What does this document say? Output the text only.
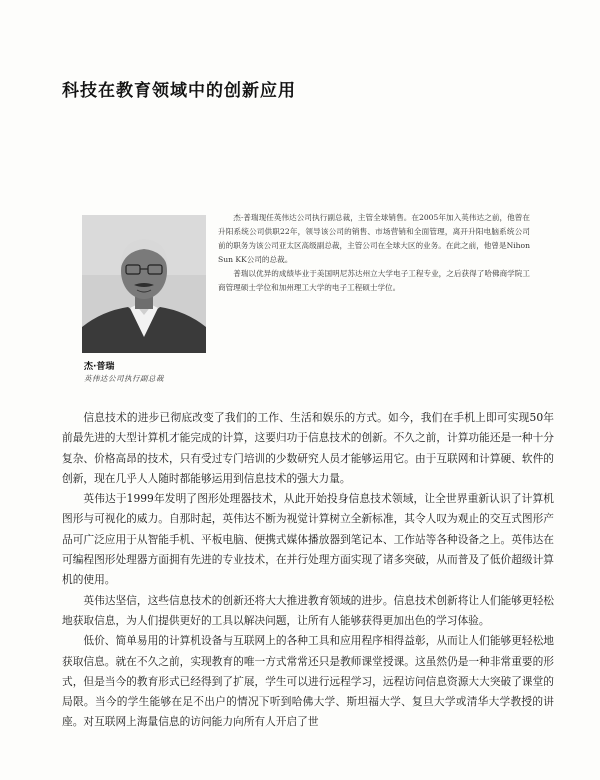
科技在教育领域中的创新应用
杰·普瑞
英伟达公司执行副总裁

杰·普瑞现任英伟达公司执行副总裁，主管全球销售。在2005年加入英伟达之前，他曾在升阳系统公司供职22年，领导该公司的销售、市场营销和全面管理，离开升阳电脑系统公司前的职务为该公司亚太区高级副总裁，主管公司在全球大区的业务。在此之前，他曾是Nihon Sun KK公司的总裁。

普瑞以优异的成绩毕业于美国明尼苏达州立大学电子工程专业，之后获得了哈佛商学院工商管理硕士学位和加州理工大学的电子工程硕士学位。

信息技术的进步已彻底改变了我们的工作、生活和娱乐的方式。如今，我们在手机上即可实现50年前最先进的大型计算机才能完成的计算，这要归功于信息技术的创新。不久之前，计算功能还是一种十分复杂、价格高昂的技术，只有受过专门培训的少数研究人员才能够运用它。由于互联网和计算硬、软件的创新，现在几乎人人随时都能够运用到信息技术的强大力量。

英伟达于1999年发明了图形处理器技术，从此开始投身信息技术领域，让全世界重新认识了计算机图形与可视化的威力。自那时起，英伟达不断为视觉计算树立全新标准，其令人叹为观止的交互式图形产品可广泛应用于从智能手机、平板电脑、便携式媒体播放器到笔记本、工作站等各种设备之上。英伟达在可编程图形处理器方面拥有先进的专业技术，在并行处理方面实现了诸多突破，从而普及了低价超级计算机的使用。

英伟达坚信，这些信息技术的创新还将大大推进教育领域的进步。信息技术创新将让人们能够更轻松地获取信息，为人们提供更好的工具以解决问题，让所有人能够获得更加出色的学习体验。

低价、简单易用的计算机设备与互联网上的各种工具和应用程序相得益彰，从而让人们能够更轻松地获取信息。就在不久之前，实现教育的唯一方式常常还只是教师课堂授课。这虽然仍是一种非常重要的形式，但是当今的教育形式已经得到了扩展，学生可以进行远程学习，远程访问信息资源大大突破了课堂的局限。当今的学生能够在足不出户的情况下听到哈佛大学、斯坦福大学、复旦大学或清华大学教授的讲座。对互联网上海量信息的访问能力向所有人开启了世
